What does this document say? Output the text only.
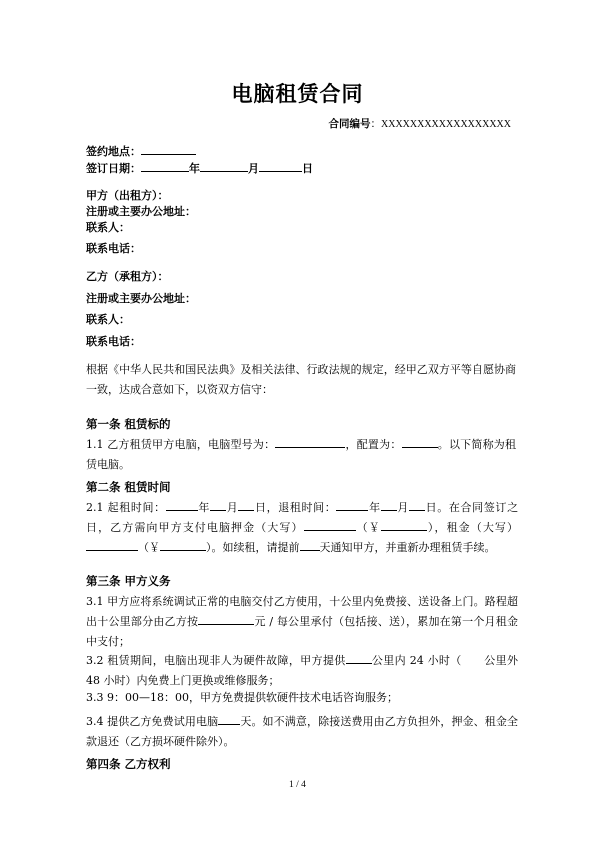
电脑租赁合同
合同编号：XXXXXXXXXXXXXXXXXX
签约地点：
签订日期：	年	月	日
甲方（出租方）：
注册或主要办公地址：
联系人：
联系电话：
乙方（承租方）：
注册或主要办公地址：
联系人：
联系电话：

根据《中华人民共和国民法典》及相关法律、行政法规的规定，经甲乙双方平等自愿协商一致，达成合意如下，以资双方信守：

第一条 租赁标的

1.1 乙方租赁甲方电脑，电脑型号为：	，配置为：	。以下简称为租赁电脑。

第二条 租赁时间

2.1 起租时间：	年 月 日，退租时间：	年 月 日。在合同签订之日，乙方需向甲方支付电脑押金（大写）	（￥	），租金（大写）（￥	）。如续租，请提前 天通知甲方，并重新办理租赁手续。

第三条 甲方义务

3.1 甲方应将系统调试正常的电脑交付乙方使用，十公里内免费接、送设备上门。路程超出十公里部分由乙方按	元 / 每公里承付（包括接、送），累加在第一个月租金中支付；

3.2 租赁期间，电脑出现非人为硬件故障，甲方提供 公里内 24 小时（　　公里外 48 小时）内免费上门更换或维修服务；

3.3 9：00—18：00，甲方免费提供软硬件技术电话咨询服务；

3.4 提供乙方免费试用电脑 天。如不满意，除接送费用由乙方负担外，押金、租金全款退还（乙方损坏硬件除外）。

第四条 乙方权利
1 / 4
